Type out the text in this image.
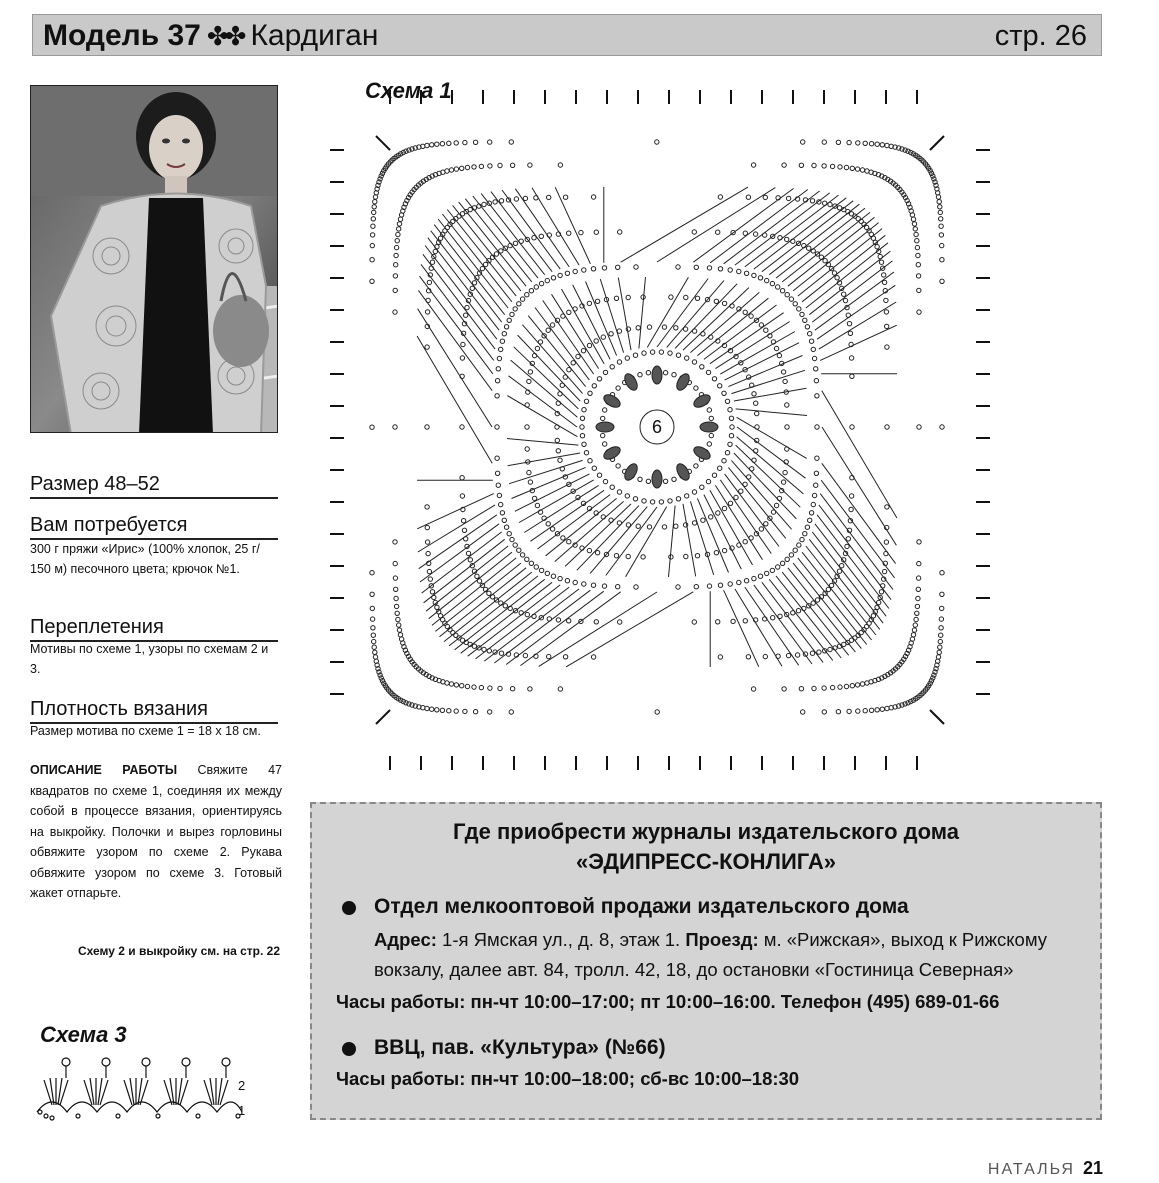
Модель 37 ✤✤ Кардиган	стр. 26
Размер 48–52
Вам потребуется
300 г пряжи «Ирис» (100% хлопок, 25 г/ 150 м) песочного цвета; крючок №1.
Переплетения
Мотивы по схеме 1, узоры по схемам 2 и 3.
Плотность вязания
Размер мотива по схеме 1 = 18 х 18 см.
ОПИСАНИЕ РАБОТЫ Свяжите 47 квадратов по схеме 1, соединяя их между собой в процессе вязания, ориентируясь на выкройку. Полочки и вырез горловины обвяжите узором по схеме 2. Рукава обвяжите узором по схеме 3. Готовый жакет отпарьте.
Схему 2 и выкройку см. на стр. 22
Схема 1
6
Схема 3
2
1
Где приобрести журналы издательского дома
«ЭДИПРЕСС-КОНЛИГА»
Отдел мелкооптовой продажи издательского дома
Адрес: 1-я Ямская ул., д. 8, этаж 1. Проезд: м. «Рижская», выход к Рижскому
вокзалу, далее авт. 84, тролл. 42, 18, до остановки «Гостиница Северная»
Часы работы: пн-чт 10:00–17:00; пт 10:00–16:00. Телефон (495) 689-01-66
ВВЦ, пав. «Культура» (№66)
Часы работы: пн-чт 10:00–18:00; сб-вс 10:00–18:30
НАТАЛЬЯ 21
